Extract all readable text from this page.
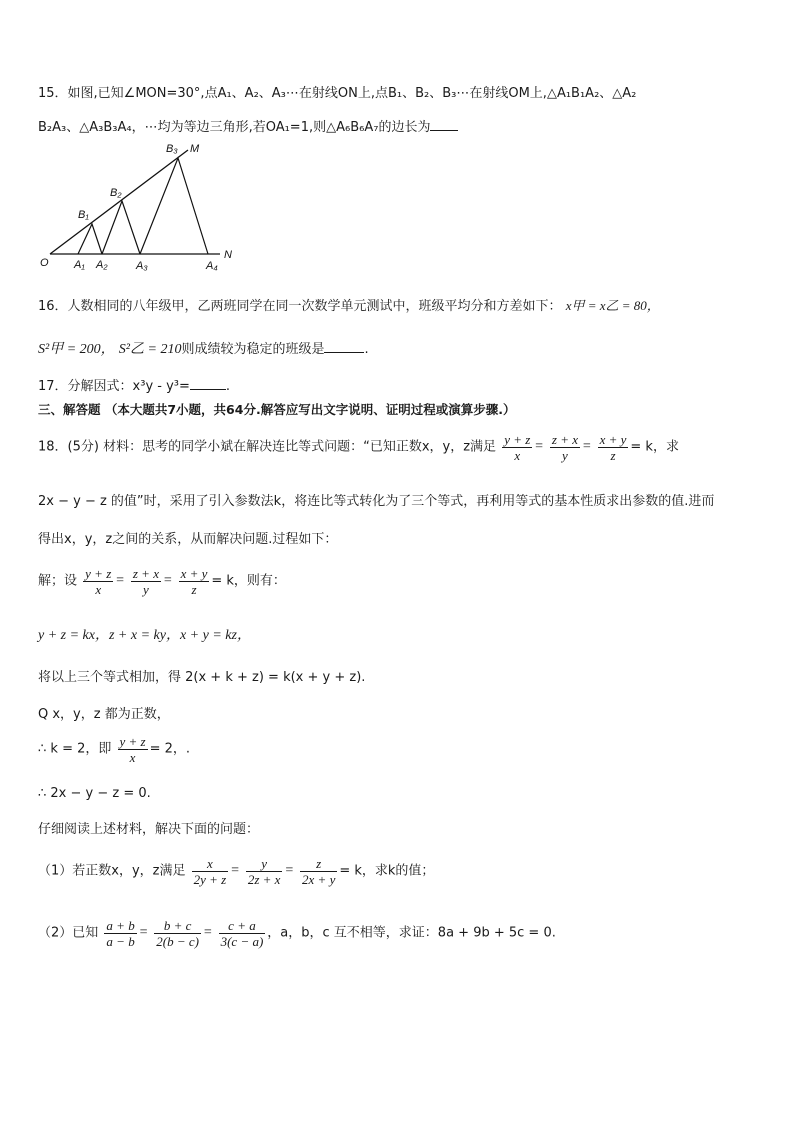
15．如图,已知∠MON=30°,点A₁、A₂、A₃⋯在射线ON上,点B₁、B₂、B₃⋯在射线OM上,△A₁B₁A₂、△A₂
B₂A₃、△A₃B₃A₄，⋯均为等边三角形,若OA₁=1,则△A₆B₆A₇的边长为
O
M
N
A₁ A₂	A₃	A₄
B₁
B₂
B₃
16．人数相同的八年级甲，乙两班同学在同一次数学单元测试中，班级平均分和方差如下： x甲 = x乙 = 80，
S²甲 = 200， S²乙 = 210则成绩较为稳定的班级是	.
17．分解因式：x³y - y³=	.
三、解答题 （本大题共7小题，共64分.解答应写出文字说明、证明过程或演算步骤.）
18．(5分) 材料：思考的同学小斌在解决连比等式问题：“已知正数x，y，z满足 $\frac{y + z}{x} = \frac{z + x}{y} = \frac{x + y}{z} = k$，求
2x − y − z 的值”时，采用了引入参数法k，将连比等式转化为了三个等式，再利用等式的基本性质求出参数的值.进而
得出x，y，z之间的关系，从而解决问题.过程如下：
解；设 $\frac{y + z}{x} = \frac{z + x}{y} = \frac{x + y}{z} = k$，则有：
y + z = kx，z + x = ky，x + y = kz，
将以上三个等式相加，得 2(x + k + z) = k(x + y + z).
Q x，y，z 都为正数，
∴ k = 2，即 $\frac{y + z}{x} = 2$，.
∴ 2x − y − z = 0.
仔细阅读上述材料，解决下面的问题：
（1）若正数x，y，z满足 $\frac{x}{2y + z} = \frac{y}{2z + x} = \frac{z}{2x + y} = k$，求k的值；
（2）已知 $\frac{a + b}{a - b} = \frac{b + c}{2(b - c)} = \frac{c + a}{3(c - a)}$ ，a，b，c 互不相等，求证：8a + 9b + 5c = 0.
